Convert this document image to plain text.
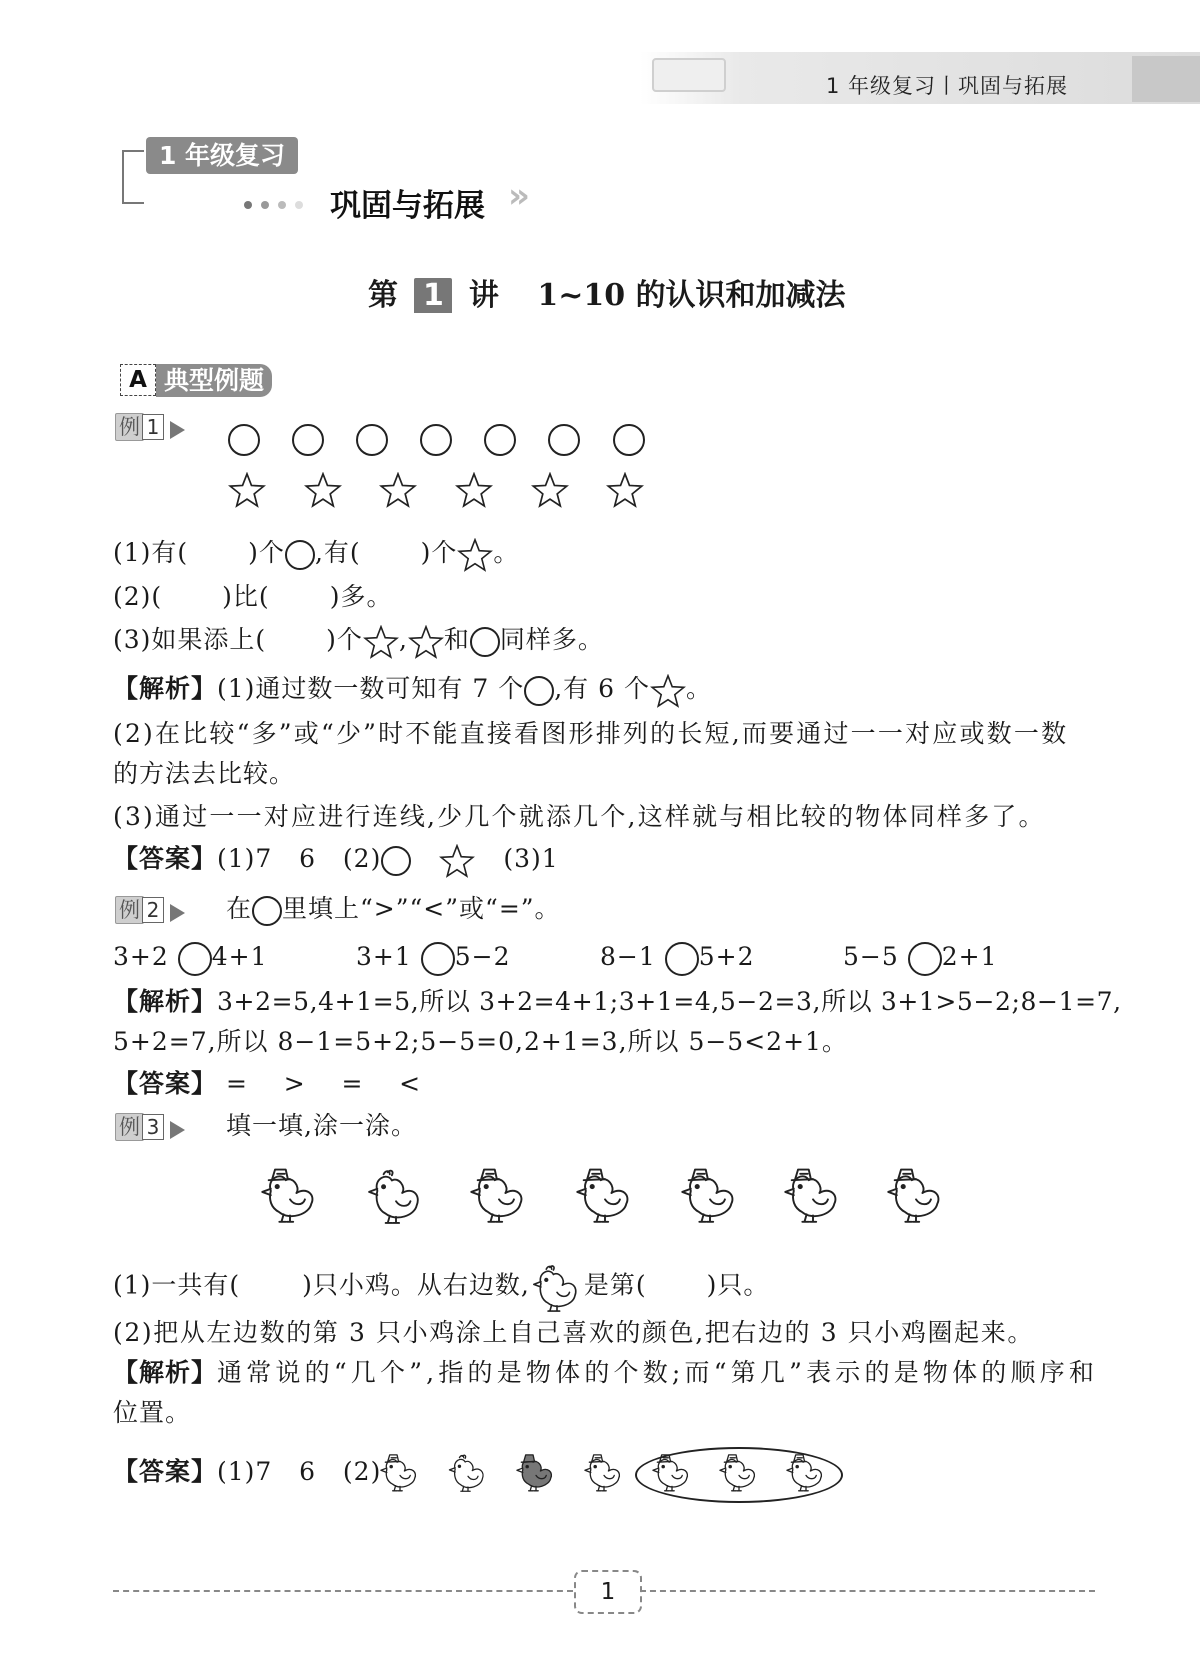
1 年级复习丨巩固与拓展
1 年级复习

巩固与拓展 »
第 1 讲 1~10 的认识和加减法
A 典型例题
例 1
(1)有( )个 ,有( )个 。
(2)( )比( )多。
(3)如果添上( )个 , 和 同样多。
【解析】(1)通过数一数可知有 7 个 ,有 6 个 。
(2)在比较“多”或“少”时不能直接看图形排列的长短,而要通过一一对应或数一数
的方法去比较。
(3)通过一一对应进行连线,少几个就添几个,这样就与相比较的物体同样多了。
【答案】(1)7   6   (2)	(3)1
例 2	在 里填上“>”“<”或“=”。
3+2 4+1	3+1 5−2	8−1 5+2	5−5 2+1
【解析】3+2=5,4+1=5,所以 3+2=4+1;3+1=4,5−2=3,所以 3+1>5−2;8−1=7,
5+2=7,所以 8−1=5+2;5−5=0,2+1=3,所以 5−5<2+1。
【答案】 =    >    =    <
例 3	填一填,涂一涂。
(1)一共有( )只小鸡。从右边数, 是第( )只。
(2)把从左边数的第 3 只小鸡涂上自己喜欢的颜色,把右边的 3 只小鸡圈起来。
【解析】通常说的“几个”,指的是物体的个数;而“第几”表示的是物体的顺序和
位置。
【答案】(1)7   6   (2)
1
